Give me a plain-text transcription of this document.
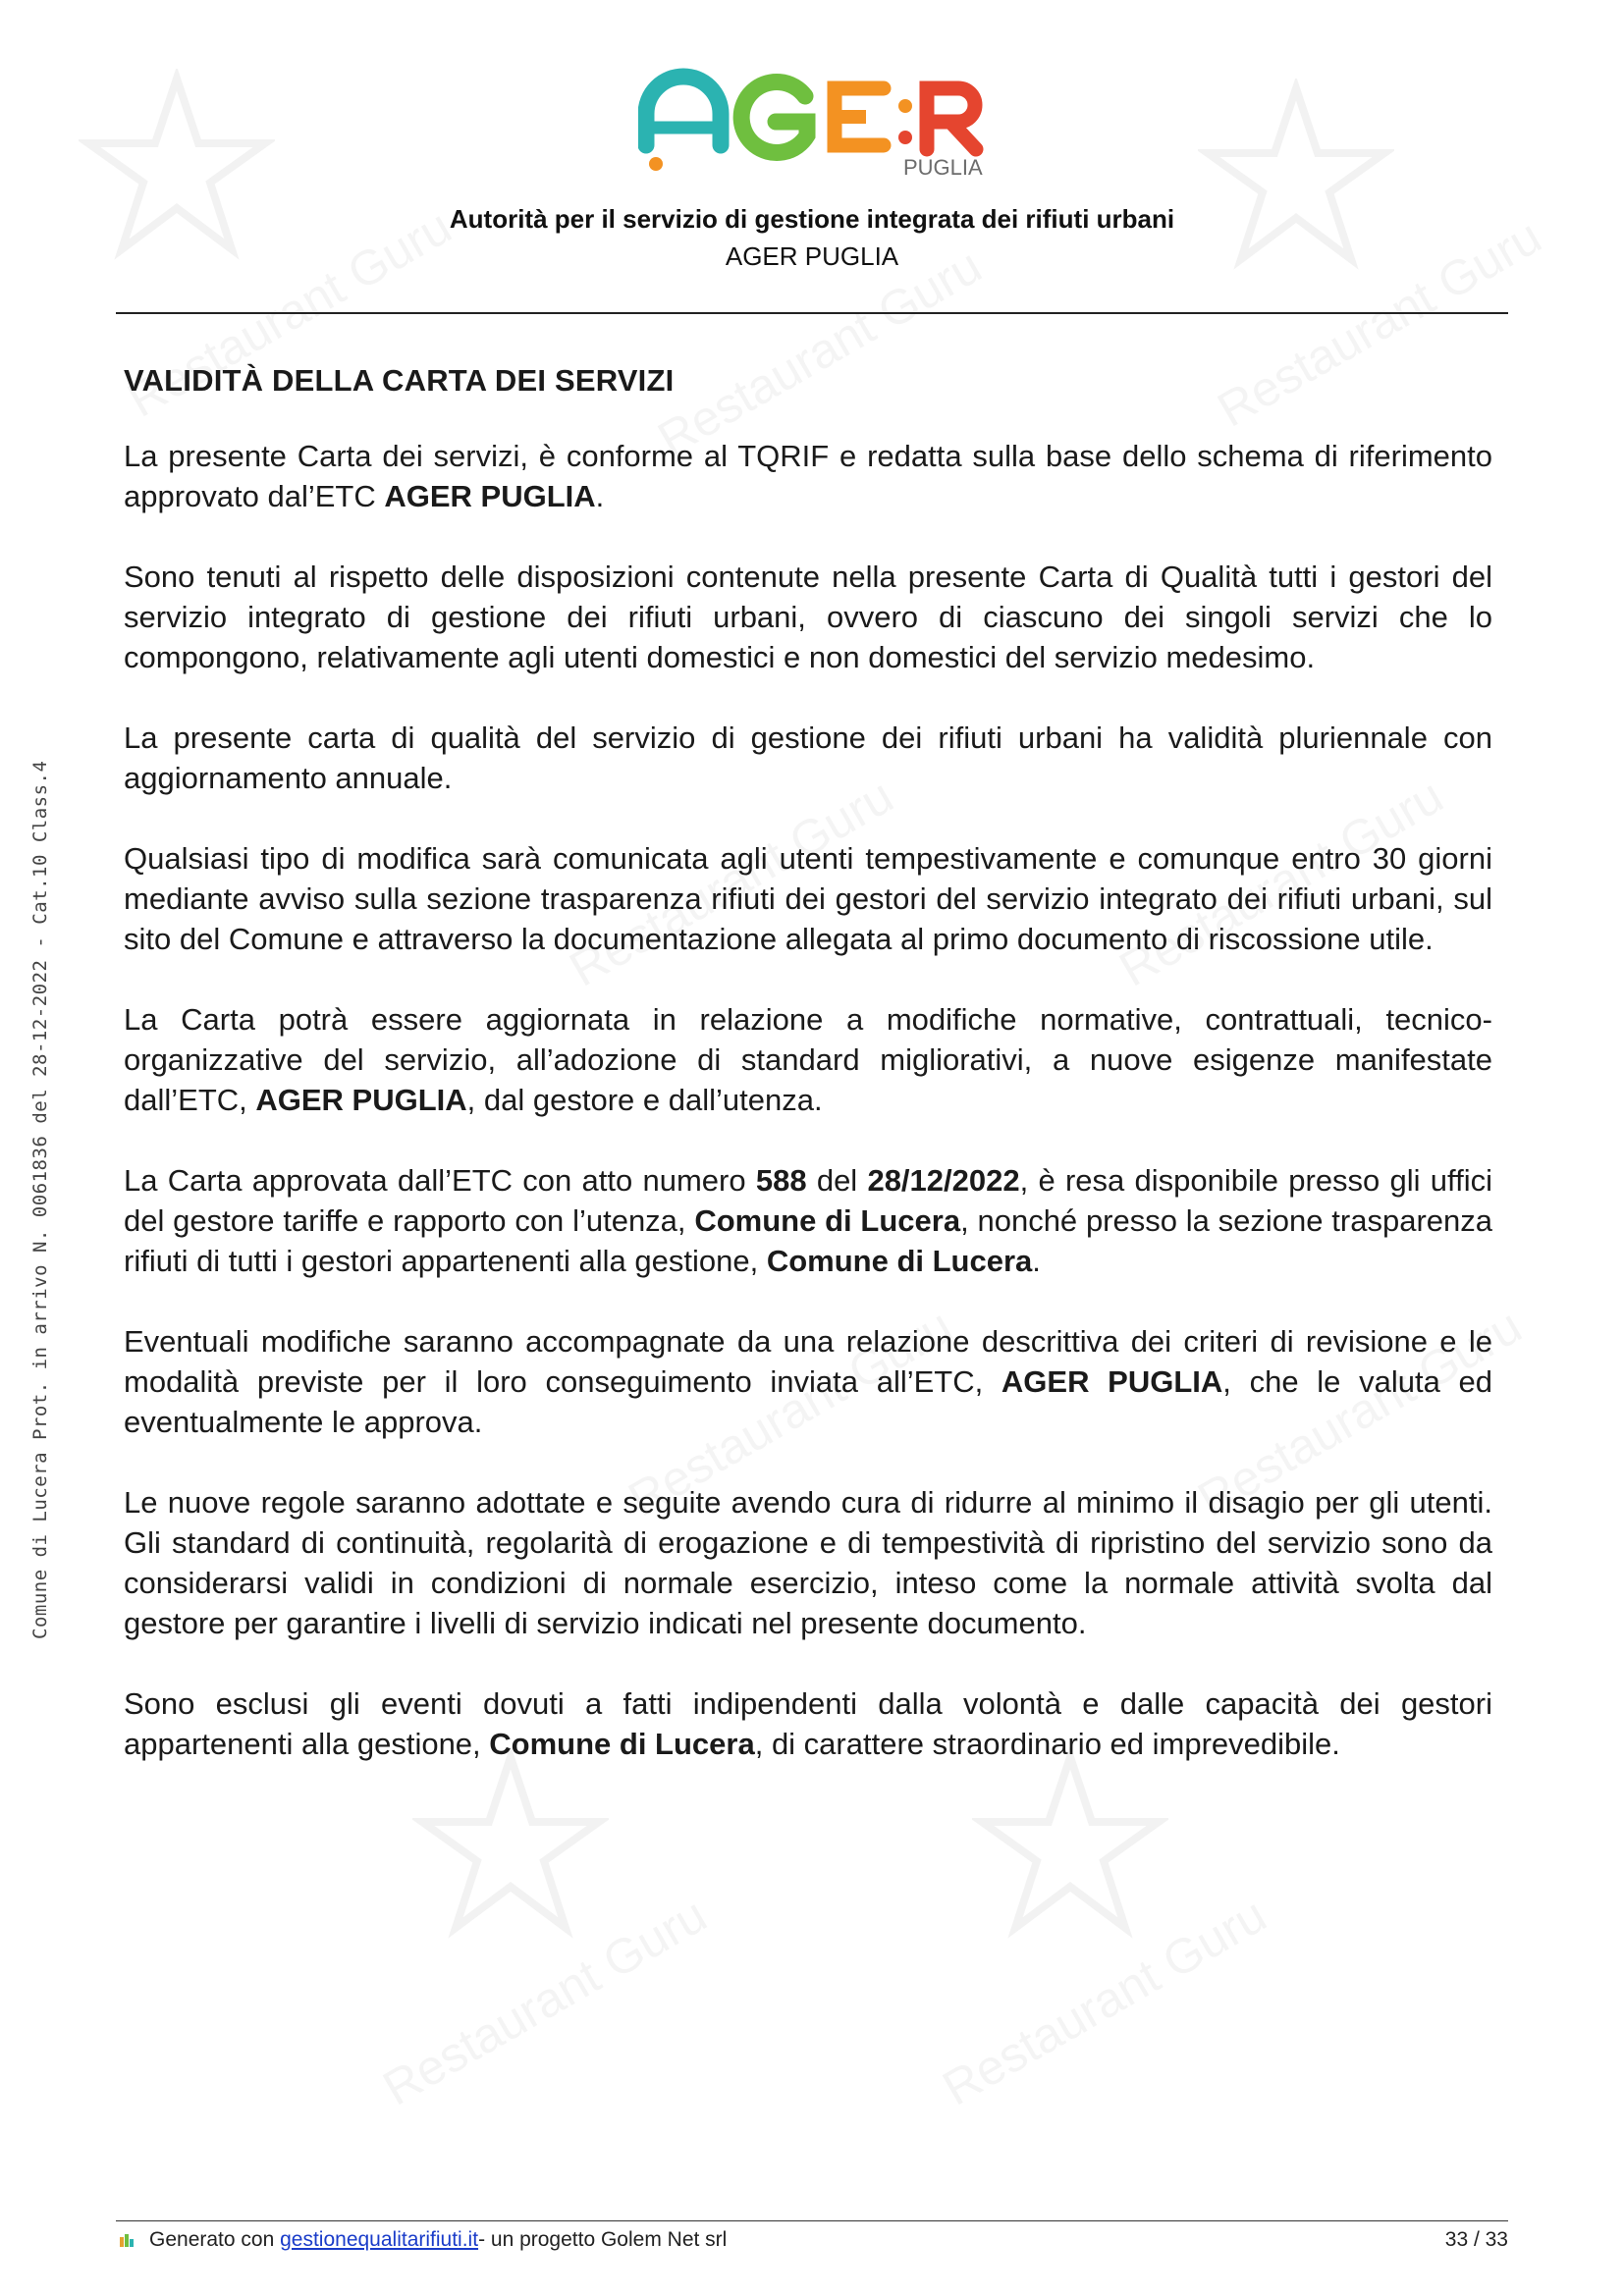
Comune di Lucera Prot. in arrivo N. 0061836 del 28-12-2022 - Cat.10 Class.4
PUGLIA
Autorità per il servizio di gestione integrata dei rifiuti urbani
AGER PUGLIA
VALIDITÀ DELLA CARTA DEI SERVIZI

La presente Carta dei servizi, è conforme al TQRIF e redatta sulla base dello schema di riferimento approvato dal’ETC AGER PUGLIA.

Sono tenuti al rispetto delle disposizioni contenute nella presente Carta di Qualità tutti i gestori del servizio integrato di gestione dei rifiuti urbani, ovvero di ciascuno dei singoli servizi che lo compongono, relativamente agli utenti domestici e non domestici del servizio medesimo.

La presente carta di qualità del servizio di gestione dei rifiuti urbani ha validità pluriennale con aggiornamento annuale.

Qualsiasi tipo di modifica sarà comunicata agli utenti tempestivamente e comunque entro 30 giorni mediante avviso sulla sezione trasparenza rifiuti dei gestori del servizio integrato dei rifiuti urbani, sul sito del Comune e attraverso la documentazione allegata al primo documento di riscossione utile.

La Carta potrà essere aggiornata in relazione a modifiche normative, contrattuali, tecnico-organizzative del servizio, all’adozione di standard migliorativi, a nuove esigenze manifestate dall’ETC, AGER PUGLIA, dal gestore e dall’utenza.

La Carta approvata dall’ETC con atto numero 588 del 28/12/2022, è resa disponibile presso gli uffici del gestore tariffe e rapporto con l’utenza, Comune di Lucera, nonché presso la sezione trasparenza rifiuti di tutti i gestori appartenenti alla gestione, Comune di Lucera.

Eventuali modifiche saranno accompagnate da una relazione descrittiva dei criteri di revisione e le modalità previste per il loro conseguimento inviata all’ETC, AGER PUGLIA, che le valuta ed eventualmente le approva.

Le nuove regole saranno adottate e seguite avendo cura di ridurre al minimo il disagio per gli utenti. Gli standard di continuità, regolarità di erogazione e di tempestività di ripristino del servizio sono da considerarsi validi in condizioni di normale esercizio, inteso come la normale attività svolta dal gestore per garantire i livelli di servizio indicati nel presente documento.

Sono esclusi gli eventi dovuti a fatti indipendenti dalla volontà e dalle capacità dei gestori appartenenti alla gestione, Comune di Lucera, di carattere straordinario ed imprevedibile.

Generato con
gestionequalitarifiuti.it - un progetto Golem Net srl	33 / 33
